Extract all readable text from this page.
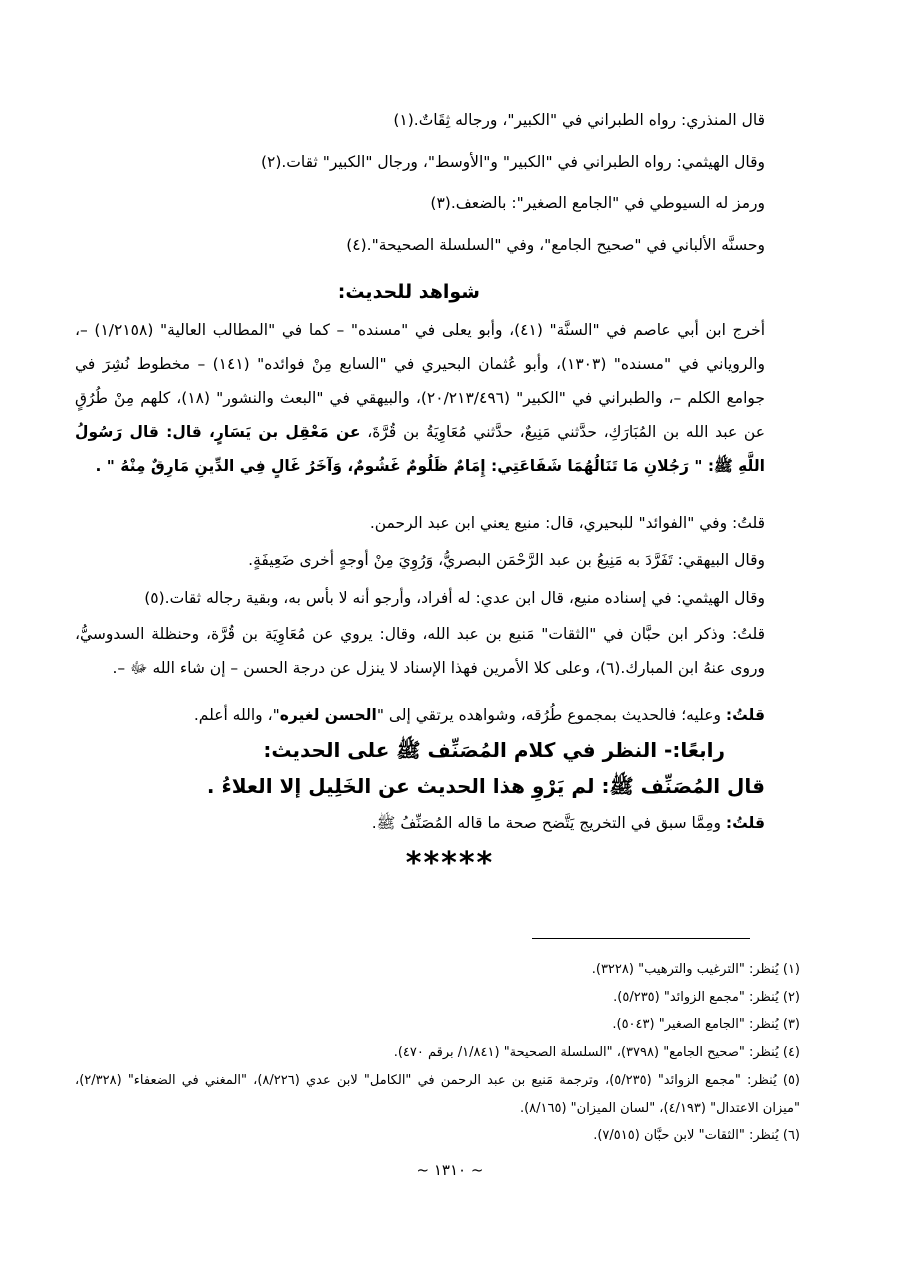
قال المنذري: رواه الطبراني في "الكبير"، ورجاله ثِقَاتٌ.(١)

وقال الهيثمي: رواه الطبراني في "الكبير" و"الأوسط"، ورجال "الكبير" ثقات.(٢)

ورمز له السيوطي في "الجامع الصغير": بالضعف.(٣)

وحسنَّه الألباني في "صحيح الجامع"، وفي "السلسلة الصحيحة".(٤)

شواهد للحديث:

أخرج ابن أبي عاصم في "السنَّة" (٤١)، وأبو يعلى في "مسنده" – كما في "المطالب العالية" (١/٢١٥٨) –، والروياني في "مسنده" (١٣٠٣)، وأبو عُثمان البحيري في "السابع مِنْ فوائده" (١٤١) – مخطوط نُشِرَ في جوامع الكلم –، والطبراني في "الكبير" (٢٠/٢١٣/٤٩٦)، والبيهقي في "البعث والنشور" (١٨)، كلهم مِنْ طُرُقٍ عن عبد الله بن المُبَارَكِ، حدَّثني مَنِيعٌ، حدَّثني مُعَاوِيَةُ بن قُرَّةَ، عن مَعْقِل بن يَسَارٍ، قال: قال رَسُولُ اللَّهِ ﷺ: " رَجُلانِ مَا تَنَالُهُمَا شَفَاعَتِي: إِمَامٌ ظَلُومٌ غَشُومٌ، وَآخَرُ غَالٍ فِي الدِّينِ مَارِقٌ مِنْهُ " .

قلتُ: وفي "الفوائد" للبحيري، قال: منيع يعني ابن عبد الرحمن.

وقال البيهقي: تَفَرَّدَ به مَنِيعُ بن عبد الرَّحْمَن البصريُّ، وَرُوِيَ مِنْ أوجهٍ أخرى ضَعِيفَةٍ.

وقال الهيثمي: في إسناده منيع، قال ابن عدي: له أفراد، وأرجو أنه لا بأس به، وبقية رجاله ثقات.(٥)

قلتُ: وذكر ابن حبَّان في "الثقات" مَنيع بن عبد الله، وقال: يروي عن مُعَاوِيَة بن قُرَّة، وحنظلة السدوسيُّ، وروى عنهُ ابن المبارك.(٦)، وعلى كلا الأمرين فهذا الإسناد لا ينزل عن درجة الحسن – إن شاء الله ﷻ –.

قلتُ: وعليه؛ فالحديث بمجموع طُرُقه، وشواهده يرتقي إلى "الحسن لغيره"، والله أعلم.

رابعًا:- النظر في كلام المُصَنِّف ﷺ على الحديث:

قال المُصَنِّف ﷺ: لم يَرْوِ هذا الحديث عن الخَلِيل إلا العلاءُ .

قلتُ: ومِمَّا سبق في التخريج يَتَّضح صحة ما قاله المُصَنِّفُ ﷺ.

*****

(١) يُنظر: "الترغيب والترهيب" (٣٢٢٨).

(٢) يُنظر: "مجمع الزوائد" (٥/٢٣٥).

(٣) يُنظر: "الجامع الصغير" (٥٠٤٣).

(٤) يُنظر: "صحيح الجامع" (٣٧٩٨)، "السلسلة الصحيحة" (١/٨٤١/ برقم ٤٧٠).

(٥) يُنظر: "مجمع الزوائد" (٥/٢٣٥)، وترجمة مَنيع بن عبد الرحمن في "الكامل" لابن عدي (٨/٢٢٦)، "المغني في الضعفاء" (٢/٣٢٨)، "ميزان الاعتدال" (٤/١٩٣)، "لسان الميزان" (٨/١٦٥).

(٦) يُنظر: "الثقات" لابن حبَّان (٧/٥١٥).

~ ١٣١٠ ~
